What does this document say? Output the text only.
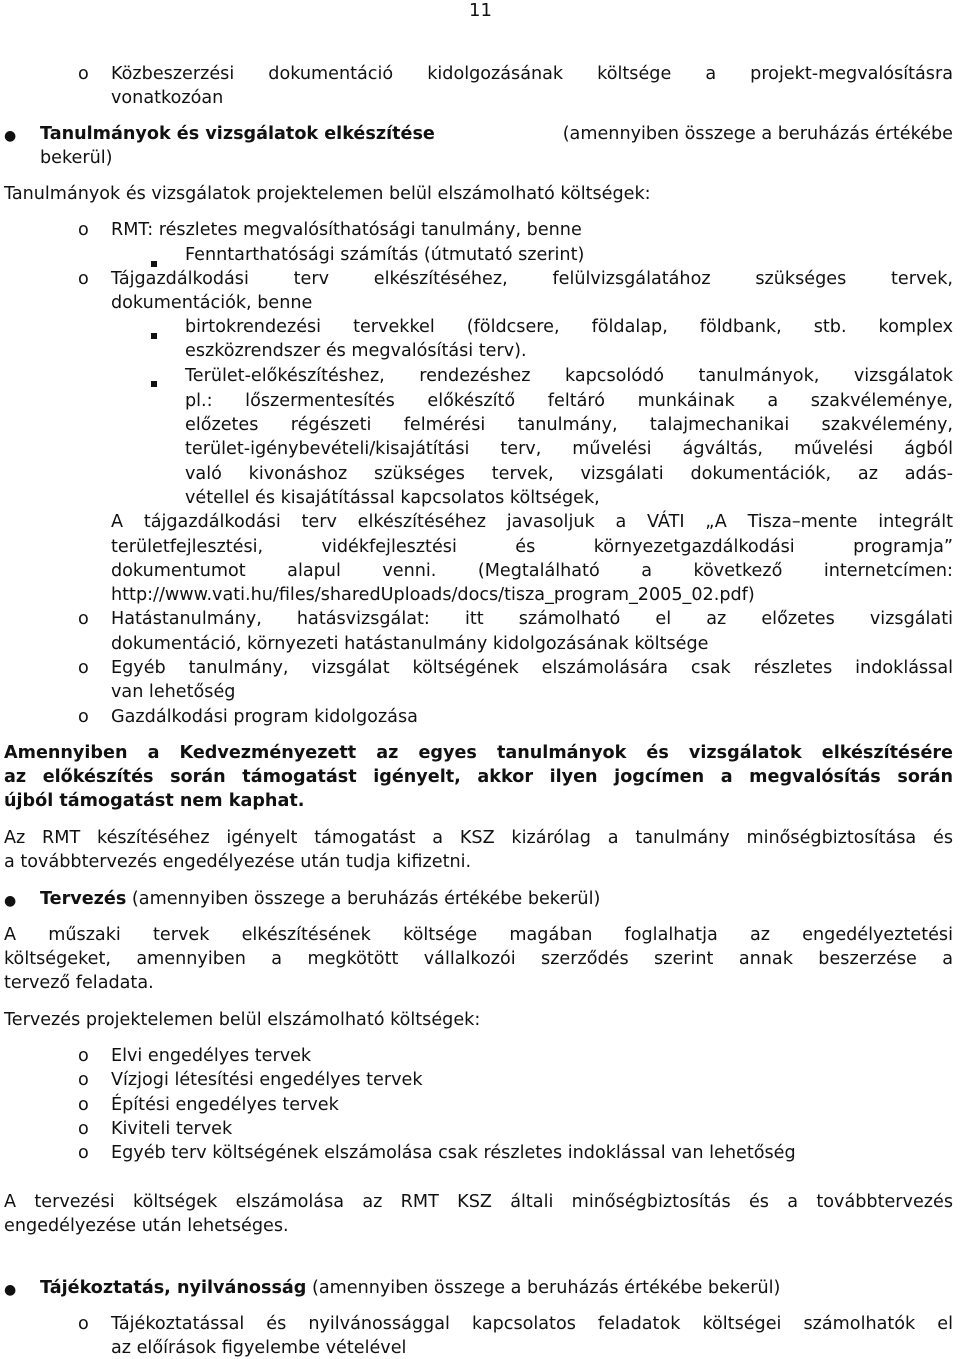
11
o Közbeszerzési dokumentáció kidolgozásának költsége a projekt-megvalósításra
vonatkozóan
● Tanulmányok és vizsgálatok elkészítése	(amennyiben összege a beruházás értékébe
bekerül)
Tanulmányok és vizsgálatok projektelemen belül elszámolható költségek:
o RMT: részletes megvalósíthatósági tanulmány, benne
Fenntarthatósági számítás (útmutató szerint)
o Tájgazdálkodási terv elkészítéséhez, felülvizsgálatához szükséges tervek,
dokumentációk, benne
birtokrendezési tervekkel (földcsere, földalap, földbank, stb. komplex
eszközrendszer és megvalósítási terv).
Terület-előkészítéshez, rendezéshez kapcsolódó tanulmányok, vizsgálatok
pl.: lőszermentesítés előkészítő feltáró munkáinak a szakvéleménye,
előzetes régészeti felmérési tanulmány, talajmechanikai szakvélemény,
terület-igénybevételi/kisajátítási terv, művelési ágváltás, művelési ágból
való kivonáshoz szükséges tervek, vizsgálati dokumentációk, az adás-
vétellel és kisajátítással kapcsolatos költségek,
A tájgazdálkodási terv elkészítéséhez javasoljuk a VÁTI „A Tisza–mente integrált
területfejlesztési, vidékfejlesztési és környezetgazdálkodási programja”
dokumentumot alapul venni. (Megtalálható a következő internetcímen:
http://www.vati.hu/files/sharedUploads/docs/tisza_program_2005_02.pdf)
o Hatástanulmány, hatásvizsgálat: itt számolható el az előzetes vizsgálati
dokumentáció, környezeti hatástanulmány kidolgozásának költsége
o Egyéb tanulmány, vizsgálat költségének elszámolására csak részletes indoklással
van lehetőség
o Gazdálkodási program kidolgozása
Amennyiben a Kedvezményezett az egyes tanulmányok és vizsgálatok elkészítésére
az előkészítés során támogatást igényelt, akkor ilyen jogcímen a megvalósítás során
újból támogatást nem kaphat.
Az RMT készítéséhez igényelt támogatást a KSZ kizárólag a tanulmány minőségbiztosítása és
a továbbtervezés engedélyezése után tudja kifizetni.
● Tervezés (amennyiben összege a beruházás értékébe bekerül)
A műszaki tervek elkészítésének költsége magában foglalhatja az engedélyeztetési
költségeket, amennyiben a megkötött vállalkozói szerződés szerint annak beszerzése a
tervező feladata.
Tervezés projektelemen belül elszámolható költségek:
o Elvi engedélyes tervek
o Vízjogi létesítési engedélyes tervek
o Építési engedélyes tervek
o Kiviteli tervek
o Egyéb terv költségének elszámolása csak részletes indoklással van lehetőség
A tervezési költségek elszámolása az RMT KSZ általi minőségbiztosítás és a továbbtervezés
engedélyezése után lehetséges.
● Tájékoztatás, nyilvánosság (amennyiben összege a beruházás értékébe bekerül)
o Tájékoztatással és nyilvánossággal kapcsolatos feladatok költségei számolhatók el
az előírások figyelembe vételével
